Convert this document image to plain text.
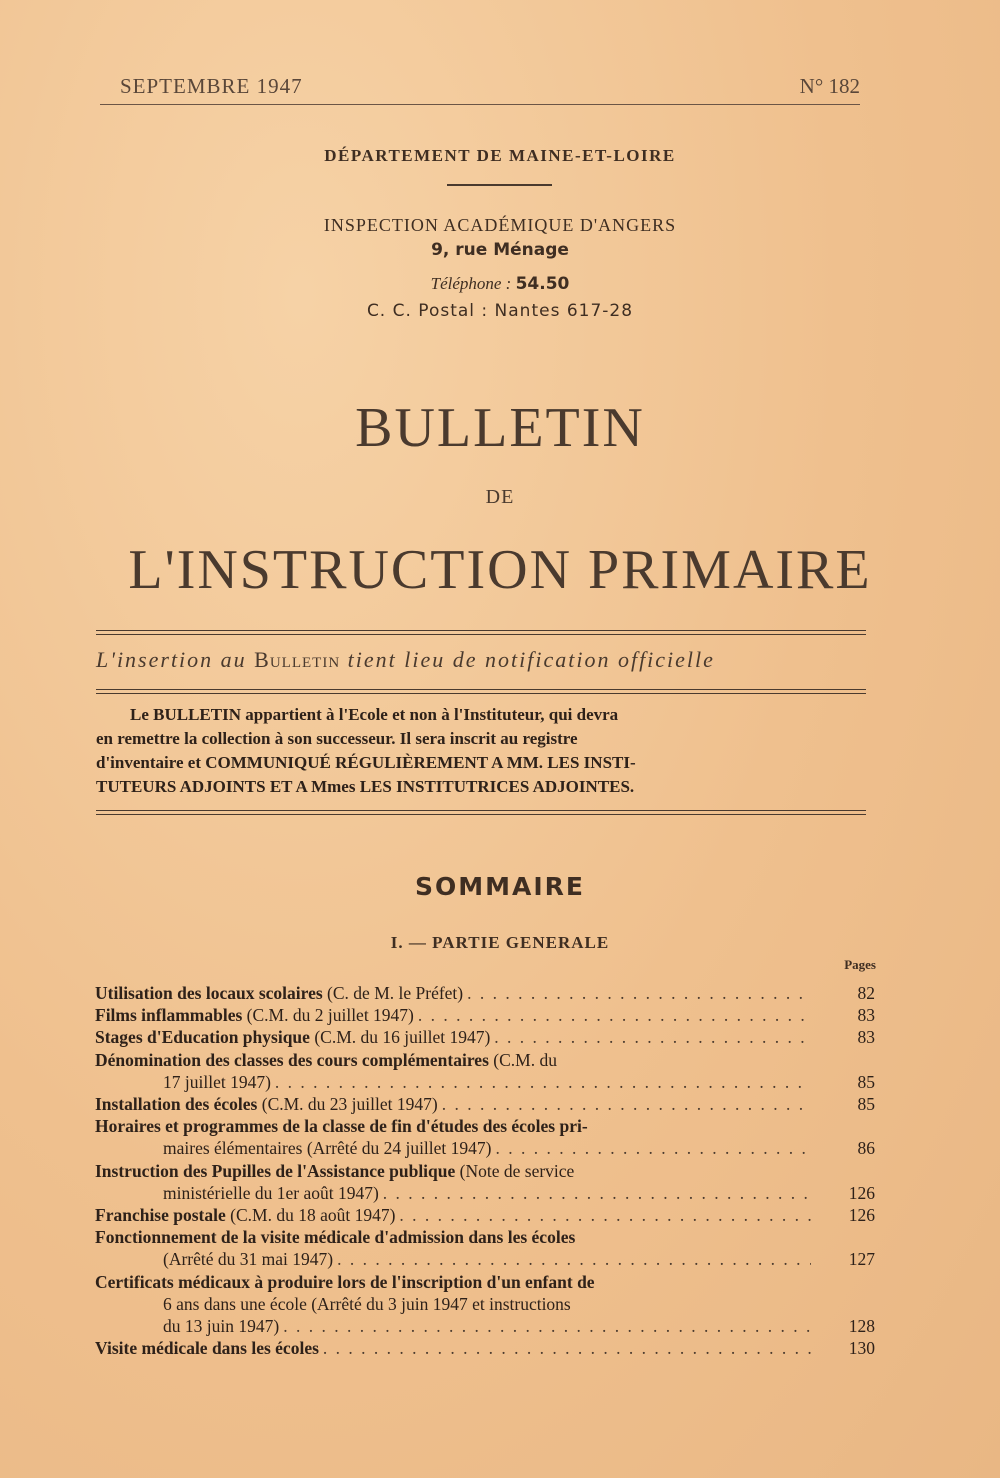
SEPTEMBRE 1947	N° 182
DÉPARTEMENT DE MAINE-ET-LOIRE
INSPECTION ACADÉMIQUE D'ANGERS
9, rue Ménage
Téléphone : 54.50
C. C. Postal : Nantes 617-28
BULLETIN
DE
L'INSTRUCTION PRIMAIRE
L'insertion au Bulletin tient lieu de notification officielle
Le BULLETIN appartient à l'Ecole et non à l'Instituteur, qui devra
en remettre la collection à son successeur. Il sera inscrit au registre
d'inventaire et COMMUNIQUÉ RÉGULIÈREMENT A MM. LES INSTI-
TUTEURS ADJOINTS ET A Mmes LES INSTITUTRICES ADJOINTES.
SOMMAIRE
I. — PARTIE GENERALE
Pages
Utilisation des locaux scolaires (C. de M. le Préfet) . . .	82
Films inflammables (C.M. du 2 juillet 1947) . . .	83
Stages d'Education physique (C.M. du 16 juillet 1947) . . .	83
Dénomination des classes des cours complémentaires (C.M. du
17 juillet 1947) . . .	85
Installation des écoles (C.M. du 23 juillet 1947) . . .	85
Horaires et programmes de la classe de fin d'études des écoles pri-
maires élémentaires (Arrêté du 24 juillet 1947) . . .	86
Instruction des Pupilles de l'Assistance publique (Note de service
ministérielle du 1er août 1947) . . .	126
Franchise postale (C.M. du 18 août 1947) . . .	126
Fonctionnement de la visite médicale d'admission dans les écoles
(Arrêté du 31 mai 1947) . . .	127
Certificats médicaux à produire lors de l'inscription d'un enfant de
6 ans dans une école (Arrêté du 3 juin 1947 et instructions
du 13 juin 1947) . . .	128
Visite médicale dans les écoles . . .	130
